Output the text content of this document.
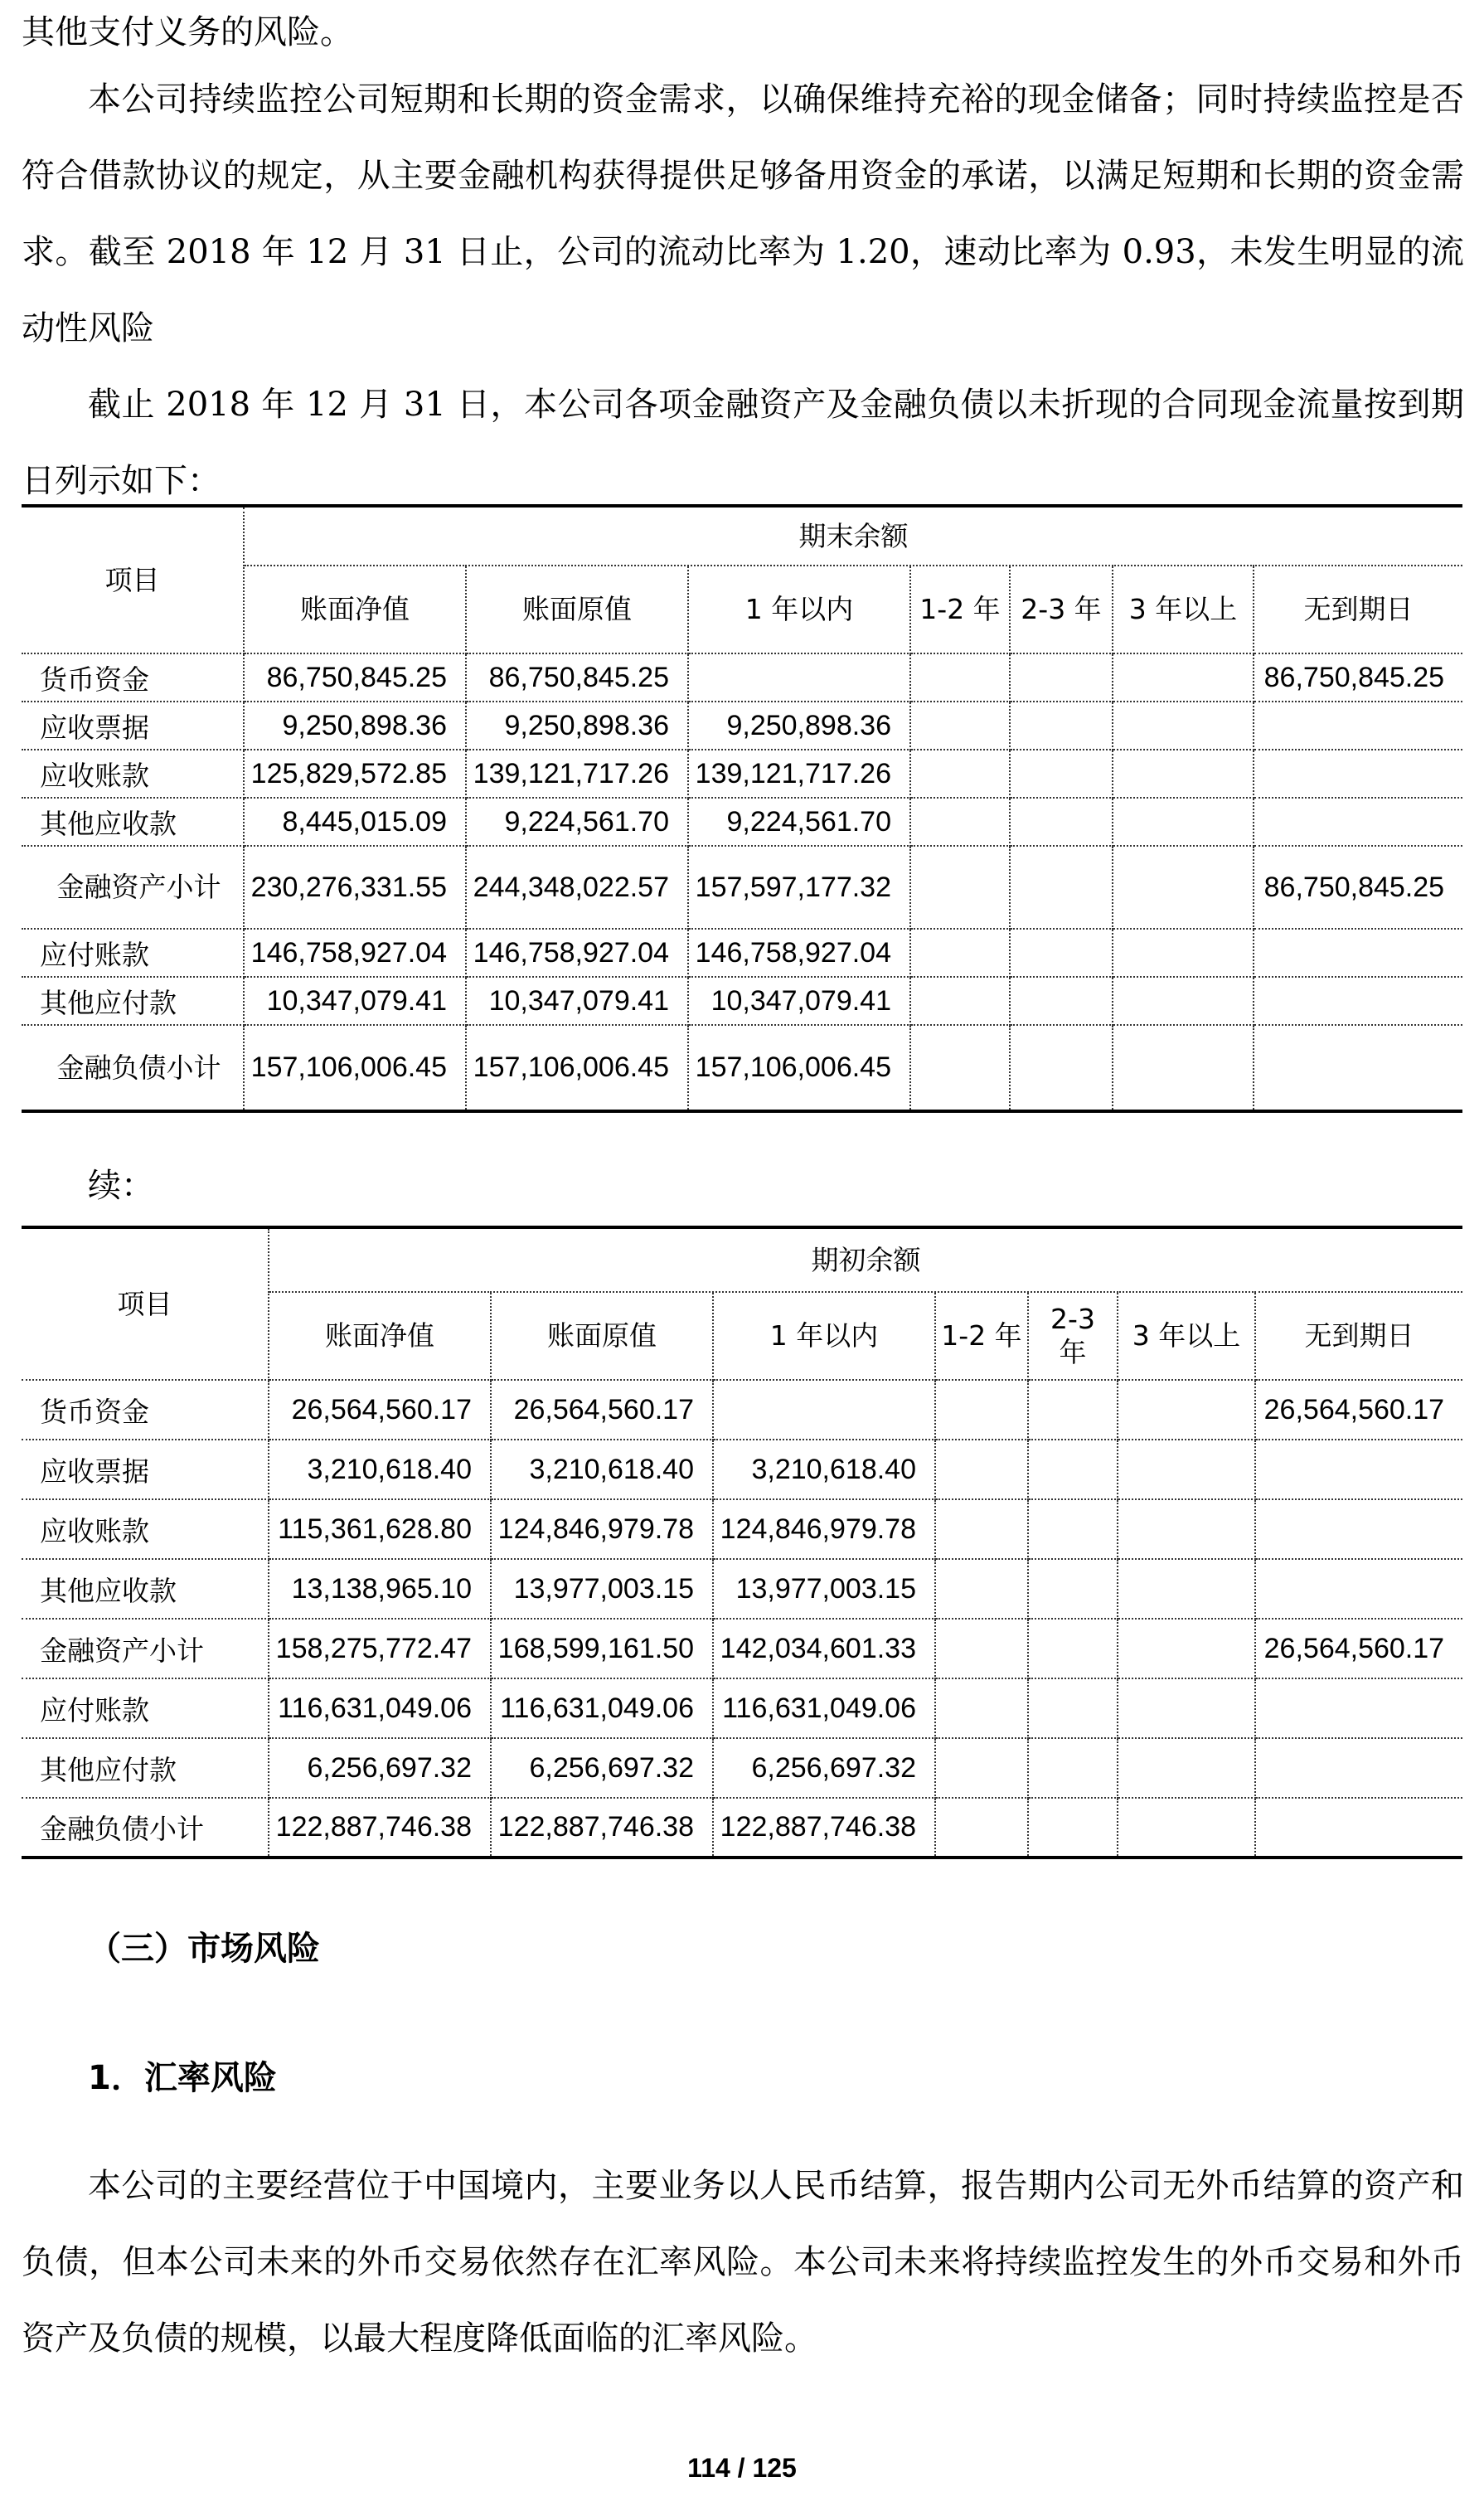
其他支付义务的风险。

本公司持续监控公司短期和长期的资金需求，以确保维持充裕的现金储备；同时持续监控是否符合借款协议的规定，从主要金融机构获得提供足够备用资金的承诺，以满足短期和长期的资金需求。截至 2018 年 12 月 31 日止，公司的流动比率为 1.20，速动比率为 0.93，未发生明显的流动性风险

截止 2018 年 12 月 31 日，本公司各项金融资产及金融负债以未折现的合同现金流量按到期日列示如下：

项目	期末余额						
	账面净值	账面原值	1 年以内	1-2 年	2-3 年	3 年以上	无到期日
货币资金	86,750,845.25	86,750,845.25					86,750,845.25
应收票据	9,250,898.36	9,250,898.36	9,250,898.36				
应收账款	125,829,572.85	139,121,717.26	139,121,717.26				
其他应收款	8,445,015.09	9,224,561.70	9,224,561.70				
金融资产小计	230,276,331.55	244,348,022.57	157,597,177.32				86,750,845.25
应付账款	146,758,927.04	146,758,927.04	146,758,927.04				
其他应付款	10,347,079.41	10,347,079.41	10,347,079.41				
金融负债小计	157,106,006.45	157,106,006.45	157,106,006.45				
续：
项目	期初余额						
	账面净值	账面原值	1 年以内	1-2 年	2-3 年	3 年以上	无到期日
货币资金	26,564,560.17	26,564,560.17					26,564,560.17
应收票据	3,210,618.40	3,210,618.40	3,210,618.40				
应收账款	115,361,628.80	124,846,979.78	124,846,979.78				
其他应收款	13,138,965.10	13,977,003.15	13,977,003.15				
金融资产小计	158,275,772.47	168,599,161.50	142,034,601.33				26,564,560.17
应付账款	116,631,049.06	116,631,049.06	116,631,049.06				
其他应付款	6,256,697.32	6,256,697.32	6,256,697.32				
金融负债小计	122,887,746.38	122,887,746.38	122,887,746.38				
（三）市场风险
1．汇率风险

本公司的主要经营位于中国境内，主要业务以人民币结算，报告期内公司无外币结算的资产和负债，但本公司未来的外币交易依然存在汇率风险。本公司未来将持续监控发生的外币交易和外币资产及负债的规模，以最大程度降低面临的汇率风险。

114 / 125
